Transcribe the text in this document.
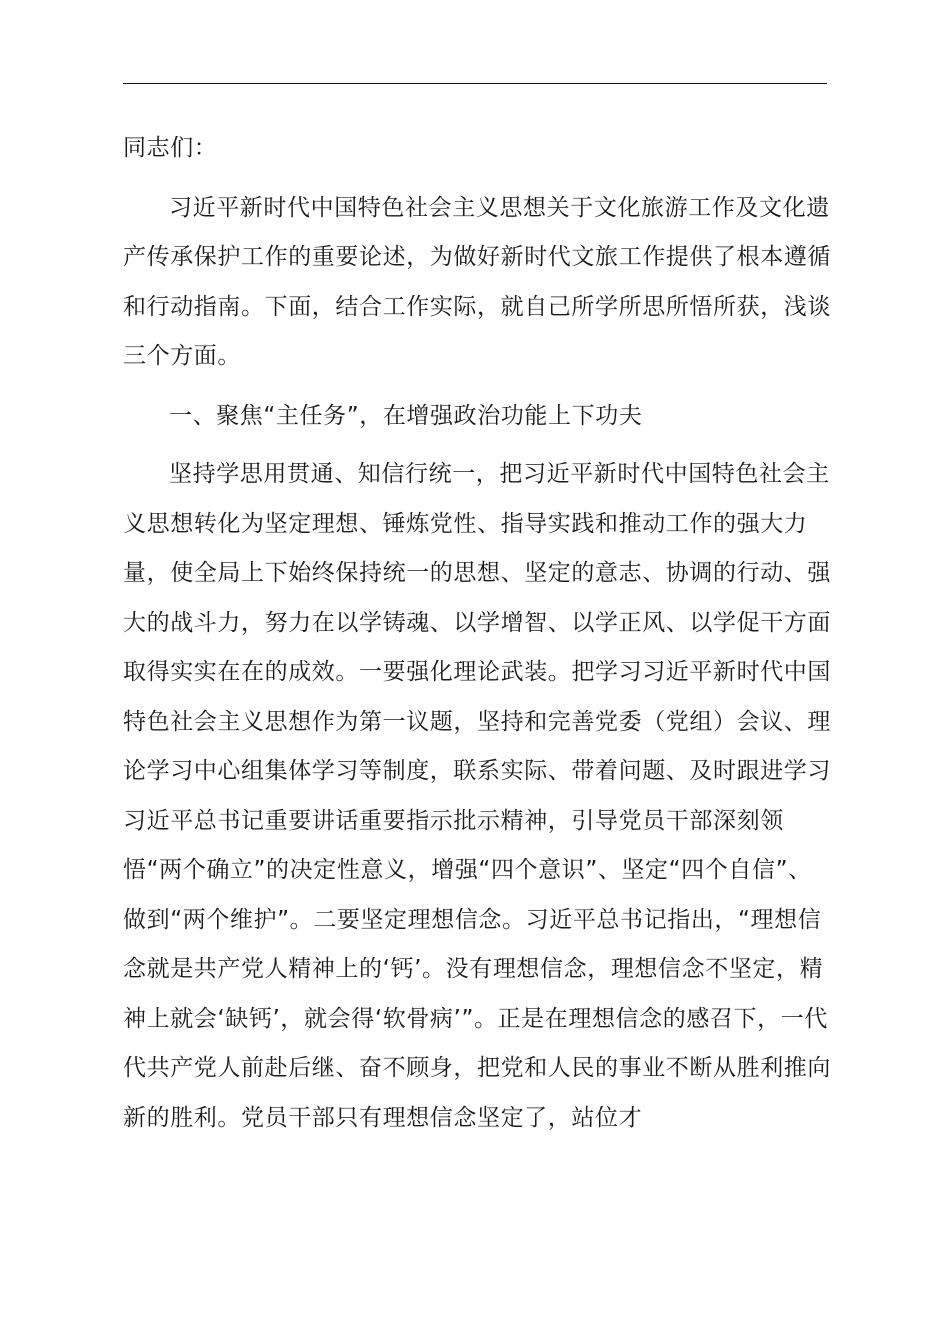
同志们：

习近平新时代中国特色社会主义思想关于文化旅游工作及文化遗产传承保护工作的重要论述，为做好新时代文旅工作提供了根本遵循和行动指南。下面，结合工作实际，就自己所学所思所悟所获，浅谈三个方面。

一、聚焦“主任务”，在增强政治功能上下功夫

坚持学思用贯通、知信行统一，把习近平新时代中国特色社会主义思想转化为坚定理想、锤炼党性、指导实践和推动工作的强大力量，使全局上下始终保持统一的思想、坚定的意志、协调的行动、强大的战斗力，努力在以学铸魂、以学增智、以学正风、以学促干方面取得实实在在的成效。一要强化理论武装。把学习习近平新时代中国特色社会主义思想作为第一议题，坚持和完善党委（党组）会议、理论学习中心组集体学习等制度，联系实际、带着问题、及时跟进学习习近平总书记重要讲话重要指示批示精神，引导党员干部深刻领悟“两个确立”的决定性意义，增强“四个意识”、坚定“四个自信”、做到“两个维护”。二要坚定理想信念。习近平总书记指出，“理想信念就是共产党人精神上的‘钙’。没有理想信念，理想信念不坚定，精神上就会‘缺钙’，就会得‘软骨病’”。正是在理想信念的感召下，一代代共产党人前赴后继、奋不顾身，把党和人民的事业不断从胜利推向新的胜利。党员干部只有理想信念坚定了，站位才
